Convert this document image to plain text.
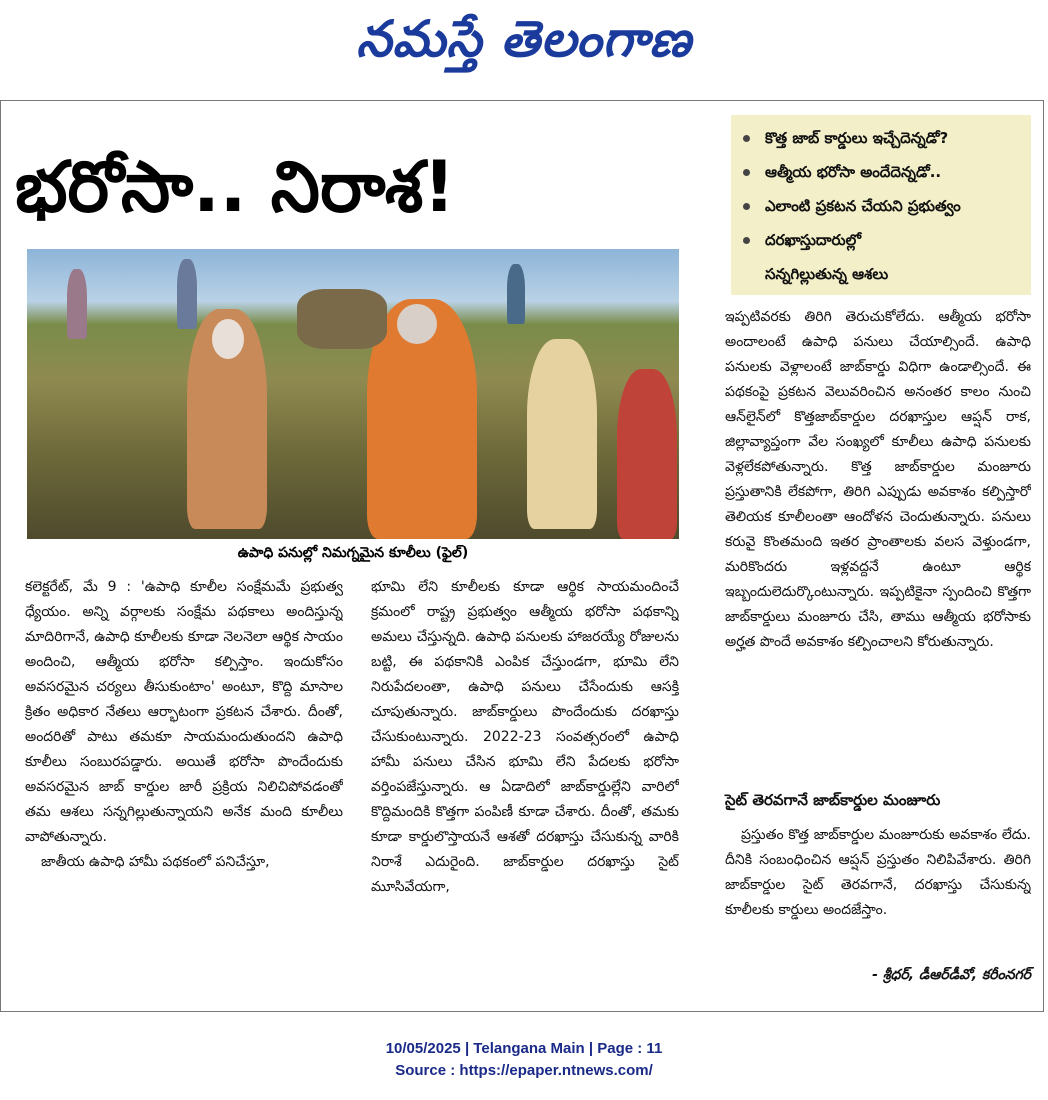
నమస్తే తెలంగాణ
భరోసా.. నిరాశ!
ఉపాధి పనుల్లో నిమగ్నమైన కూలీలు (ఫైల్)
కొత్త జాబ్ కార్డులు ఇచ్చేదెన్నడో?
ఆత్మీయ భరోసా అందేదెన్నడో..
ఎలాంటి ప్రకటన చేయని ప్రభుత్వం
దరఖాస్తుదారుల్లో
సన్నగిల్లుతున్న ఆశలు

కలెక్టరేట్, మే 9 : 'ఉపాధి కూలీల సంక్షేమమే ప్రభుత్వ ధ్యేయం. అన్ని వర్గాలకు సంక్షేమ పథకాలు అందిస్తున్న మాదిరిగానే, ఉపాధి కూలీలకు కూడా నెలనెలా ఆర్థిక సాయం అందించి, ఆత్మీయ భరోసా కల్పిస్తాం. ఇందుకోసం అవసరమైన చర్యలు తీసుకుంటాం' అంటూ, కొద్ది మాసాల క్రితం అధికార నేతలు ఆర్భాటంగా ప్రకటన చేశారు. దీంతో, అందరితో పాటు తమకూ సాయమందుతుందని ఉపాధి కూలీలు సంబురపడ్డారు. అయితే భరోసా పొందేందుకు అవసరమైన జాబ్ కార్డుల జారీ ప్రక్రియ నిలిచిపోవడంతో తమ ఆశలు సన్నగిల్లుతున్నాయని అనేక మంది కూలీలు వాపోతున్నారు.

జాతీయ ఉపాధి హామీ పథకంలో పనిచేస్తూ,

భూమి లేని కూలీలకు కూడా ఆర్థిక సాయమందించే క్రమంలో రాష్ట్ర ప్రభుత్వం ఆత్మీయ భరోసా పథకాన్ని అమలు చేస్తున్నది. ఉపాధి పనులకు హాజరయ్యే రోజులను బట్టి, ఈ పథకానికి ఎంపిక చేస్తుండగా, భూమి లేని నిరుపేదలంతా, ఉపాధి పనులు చేసేందుకు ఆసక్తి చూపుతున్నారు. జాబ్‌కార్డులు పొందేందుకు దరఖాస్తు చేసుకుంటున్నారు. 2022-23 సంవత్సరంలో ఉపాధి హామీ పనులు చేసిన భూమి లేని పేదలకు భరోసా వర్తింపజేస్తున్నారు. ఆ ఏడాదిలో జాబ్‌కార్డుల్లేని వారిలో కొద్దిమందికి కొత్తగా పంపిణీ కూడా చేశారు. దీంతో, తమకు కూడా కార్డులొస్తాయనే ఆశతో దరఖాస్తు చేసుకున్న వారికి నిరాశే ఎదురైంది. జాబ్‌కార్డుల దరఖాస్తు సైట్ మూసివేయగా,

ఇప్పటివరకు తిరిగి తెరుచుకోలేదు. ఆత్మీయ భరోసా అందాలంటే ఉపాధి పనులు చేయాల్సిందే. ఉపాధి పనులకు వెళ్లాలంటే జాబ్‌కార్డు విధిగా ఉండాల్సిందే. ఈ పథకంపై ప్రకటన వెలువరించిన అనంతర కాలం నుంచి ఆన్‌లైన్‌లో కొత్తజాబ్‌కార్డుల దరఖాస్తుల ఆప్షన్ రాక, జిల్లావ్యాప్తంగా వేల సంఖ్యలో కూలీలు ఉపాధి పనులకు వెళ్లలేకపోతున్నారు. కొత్త జాబ్‌కార్డుల మంజూరు ప్రస్తుతానికి లేకపోగా, తిరిగి ఎప్పుడు అవకాశం కల్పిస్తారో తెలియక కూలీలంతా ఆందోళన చెందుతున్నారు. పనులు కరువై కొంతమంది ఇతర ప్రాంతాలకు వలస వెళ్తుండగా, మరికొందరు ఇళ్లవద్దనే ఉంటూ ఆర్థిక ఇబ్బందులెదుర్కొంటున్నారు. ఇప్పటికైనా స్పందించి కొత్తగా జాబ్‌కార్డులు మంజూరు చేసి, తాము ఆత్మీయ భరోసాకు అర్హత పొందే అవకాశం కల్పించాలని కోరుతున్నారు.

సైట్ తెరవగానే జాబ్‌కార్డుల మంజూరు

ప్రస్తుతం కొత్త జాబ్‌కార్డుల మంజూరుకు అవకాశం లేదు. దీనికి సంబంధించిన ఆప్షన్ ప్రస్తుతం నిలిపివేశారు. తిరిగి జాబ్‌కార్డుల సైట్ తెరవగానే, దరఖాస్తు చేసుకున్న కూలీలకు కార్డులు అందజేస్తాం.

- శ్రీధర్, డీఆర్‌డీవో, కరీంనగర్
10/05/2025 | Telangana Main | Page : 11
Source : https://epaper.ntnews.com/
